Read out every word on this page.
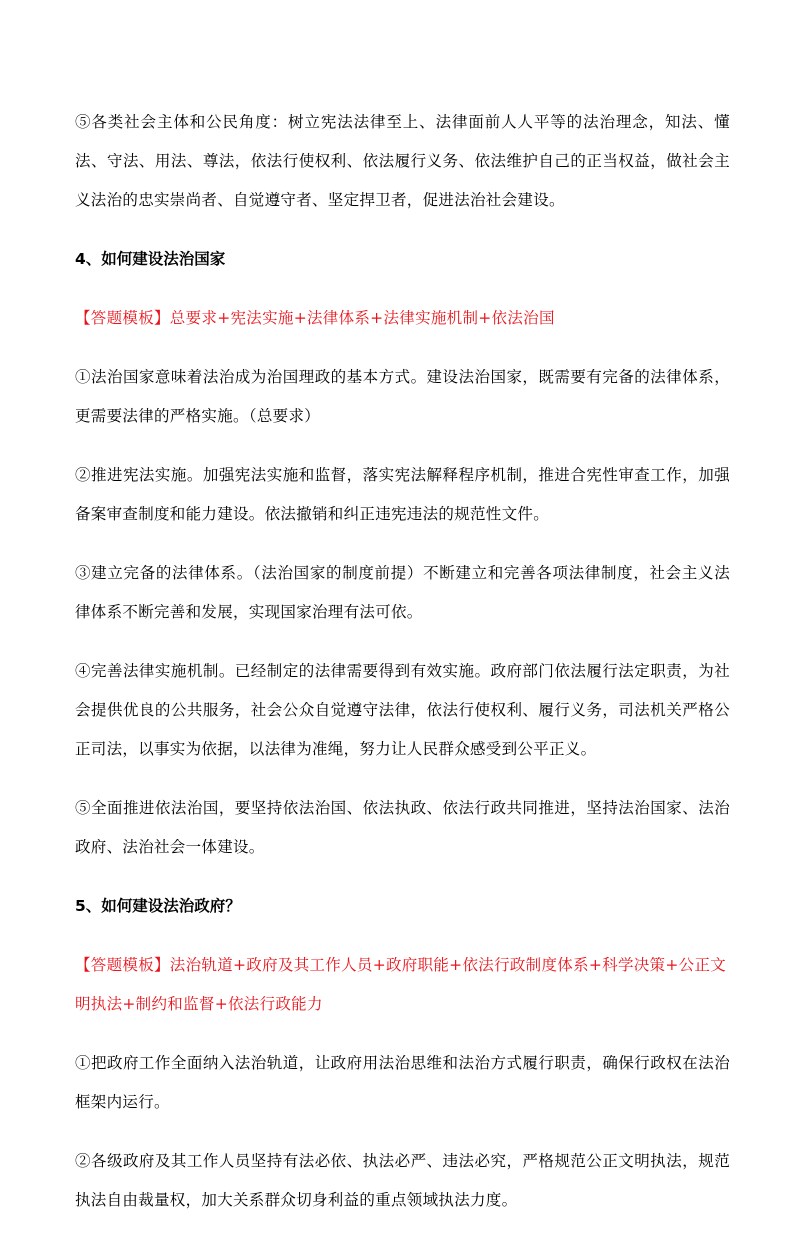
⑤各类社会主体和公民角度：树立宪法法律至上、法律面前人人平等的法治理念，知法、懂法、守法、用法、尊法，依法行使权利、依法履行义务、依法维护自己的正当权益，做社会主义法治的忠实崇尚者、自觉遵守者、坚定捍卫者，促进法治社会建设。

4、如何建设法治国家
【答题模板】总要求+宪法实施+法律体系+法律实施机制+依法治国

①法治国家意味着法治成为治国理政的基本方式。建设法治国家，既需要有完备的法律体系，更需要法律的严格实施。（总要求）

②推进宪法实施。加强宪法实施和监督，落实宪法解释程序机制，推进合宪性审查工作，加强备案审查制度和能力建设。依法撤销和纠正违宪违法的规范性文件。

③建立完备的法律体系。（法治国家的制度前提）不断建立和完善各项法律制度，社会主义法律体系不断完善和发展，实现国家治理有法可依。

④完善法律实施机制。已经制定的法律需要得到有效实施。政府部门依法履行法定职责，为社会提供优良的公共服务，社会公众自觉遵守法律，依法行使权利、履行义务，司法机关严格公正司法，以事实为依据，以法律为准绳，努力让人民群众感受到公平正义。

⑤全面推进依法治国，要坚持依法治国、依法执政、依法行政共同推进，坚持法治国家、法治政府、法治社会一体建设。

5、如何建设法治政府？
【答题模板】法治轨道+政府及其工作人员+政府职能+依法行政制度体系+科学决策+公正文明执法+制约和监督+依法行政能力

①把政府工作全面纳入法治轨道，让政府用法治思维和法治方式履行职责，确保行政权在法治框架内运行。

②各级政府及其工作人员坚持有法必依、执法必严、违法必究，严格规范公正文明执法，规范执法自由裁量权，加大关系群众切身利益的重点领域执法力度。
